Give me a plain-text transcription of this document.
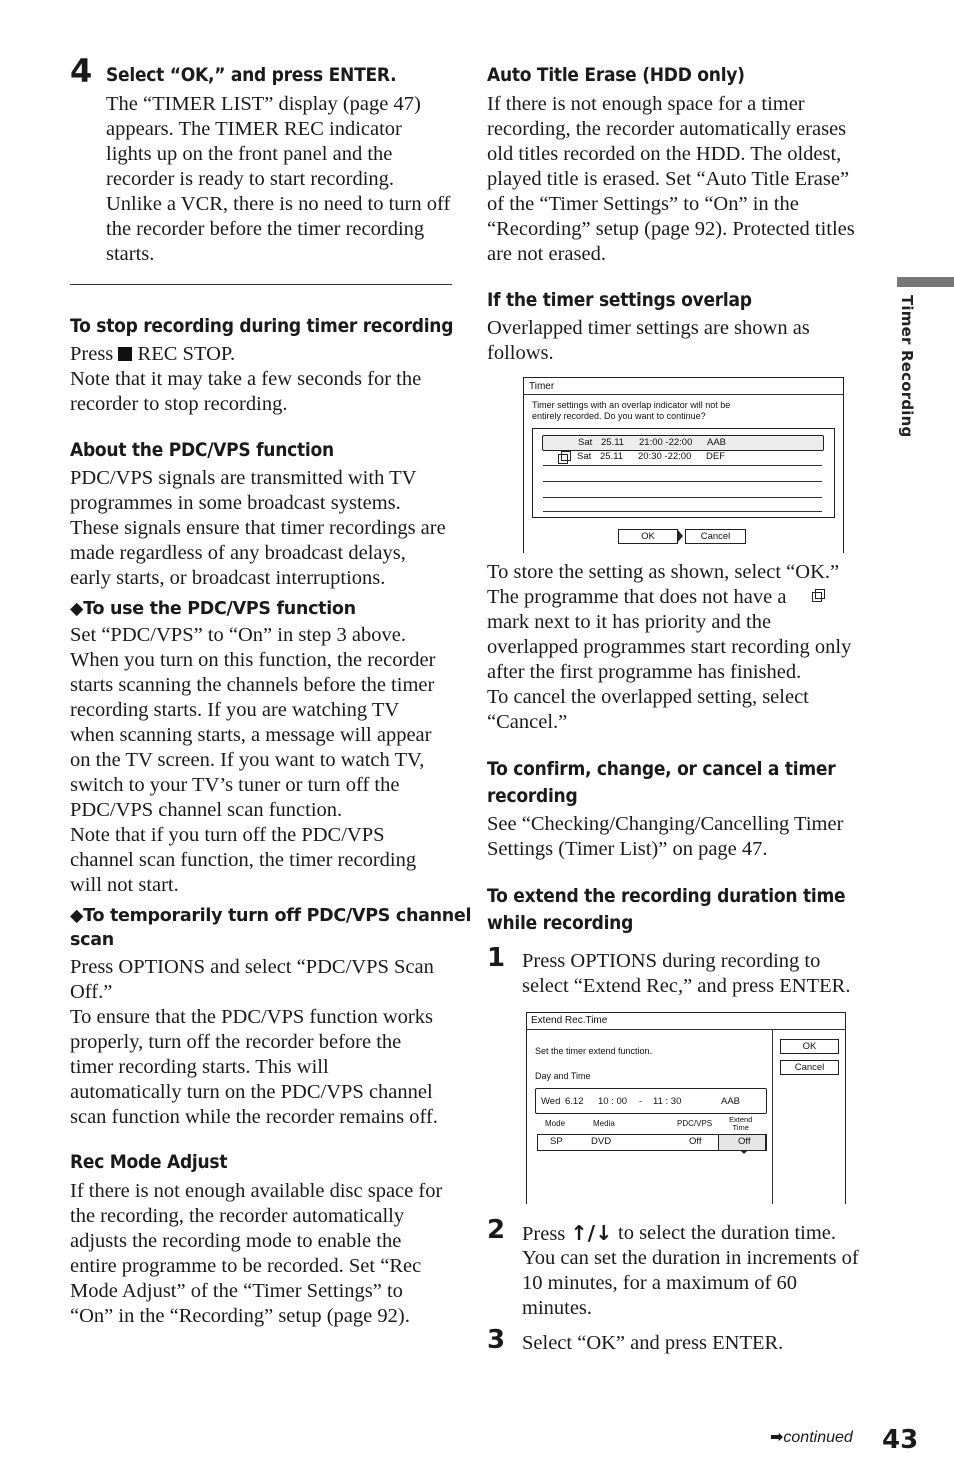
4 Select “OK,” and press ENTER.
The “TIMER LIST” display (page 47)
appears. The TIMER REC indicator
lights up on the front panel and the
recorder is ready to start recording.
Unlike a VCR, there is no need to turn off
the recorder before the timer recording
starts.
To stop recording during timer recording
Press  REC STOP.
Note that it may take a few seconds for the
recorder to stop recording.
About the PDC/VPS function
PDC/VPS signals are transmitted with TV
programmes in some broadcast systems.
These signals ensure that timer recordings are
made regardless of any broadcast delays,
early starts, or broadcast interruptions.
◆To use the PDC/VPS function
Set “PDC/VPS” to “On” in step 3 above.
When you turn on this function, the recorder
starts scanning the channels before the timer
recording starts. If you are watching TV
when scanning starts, a message will appear
on the TV screen. If you want to watch TV,
switch to your TV’s tuner or turn off the
PDC/VPS channel scan function.
Note that if you turn off the PDC/VPS
channel scan function, the timer recording
will not start.
◆To temporarily turn off PDC/VPS channel
scan
Press OPTIONS and select “PDC/VPS Scan
Off.”
To ensure that the PDC/VPS function works
properly, turn off the recorder before the
timer recording starts. This will
automatically turn on the PDC/VPS channel
scan function while the recorder remains off.
Rec Mode Adjust
If there is not enough available disc space for
the recording, the recorder automatically
adjusts the recording mode to enable the
entire programme to be recorded. Set “Rec
Mode Adjust” of the “Timer Settings” to
“On” in the “Recording” setup (page 92).
Auto Title Erase (HDD only)
If there is not enough space for a timer
recording, the recorder automatically erases
old titles recorded on the HDD. The oldest,
played title is erased. Set “Auto Title Erase”
of the “Timer Settings” to “On” in the
“Recording” setup (page 92). Protected titles
are not erased.
If the timer settings overlap
Overlapped timer settings are shown as
follows.
Timer
Timer settings with an overlap indicator will not be
entirely recorded. Do you want to continue?
Sat 25.11 21:00 -22:00 AAB
Sat 25.11 20:30 -22:00 DEF
OK	Cancel
To store the setting as shown, select “OK.”
The programme that does not have a
mark next to it has priority and the
overlapped programmes start recording only
after the first programme has finished.
To cancel the overlapped setting, select
“Cancel.”
To confirm, change, or cancel a timer
recording
See “Checking/Changing/Cancelling Timer
Settings (Timer List)” on page 47.
To extend the recording duration time
while recording
1 Press OPTIONS during recording to
select “Extend Rec,” and press ENTER.
Extend Rec.Time
Set the timer extend function.
Day and Time
Wed 6.12 10 : 00 - 11 : 30	AAB
Mode	Media	PDC/VPS Extend
Time
SP	DVD	Off	Off
OK
Cancel
2 Press ↑/↓ to select the duration time.
You can set the duration in increments of
10 minutes, for a maximum of 60
minutes.
3 Select “OK” and press ENTER.
Timer Recording
➡continued 43
